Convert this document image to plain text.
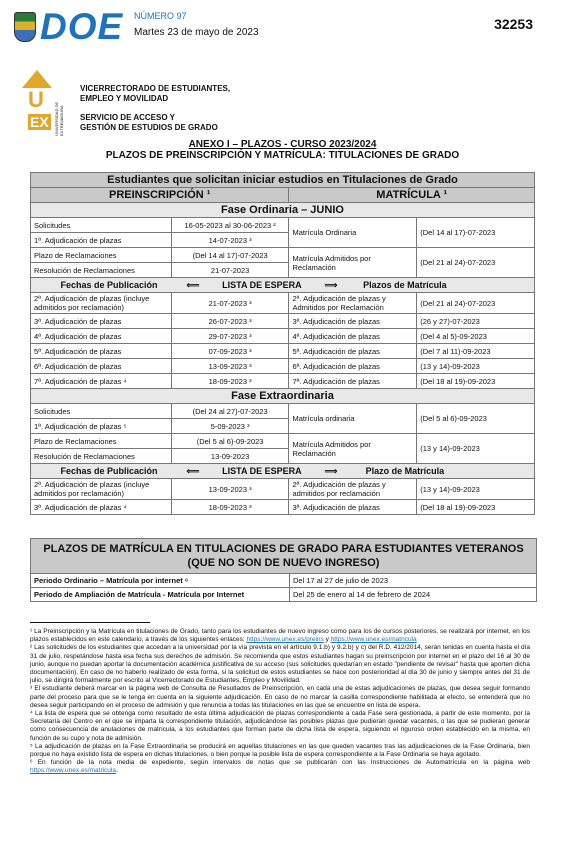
DOE NÚMERO 97
Martes 23 de mayo de 2023
32253
U
EX	UNIVERSIDAD DE EXTREMADURA
VICERRECTORADO DE ESTUDIANTES,
EMPLEO Y MOVILIDAD
SERVICIO DE ACCESO Y
GESTIÓN DE ESTUDIOS DE GRADO
ANEXO I – PLAZOS - CURSO 2023/2024
PLAZOS DE PREINSCRIPCIÓN Y MATRÍCULA: TITULACIONES DE GRADO
Estudiantes que solicitan iniciar estudios en Titulaciones de Grado			
PREINSCRIPCIÓN ¹		MATRÍCULA ¹	
Fase Ordinaria – JUNIO			
Solicitudes	16-05-2023 al 30-06-2023 ²	Matrícula Ordinaria	(Del 14 al 17)-07-2023
1ª. Adjudicación de plazas	14-07-2023 ³		
Plazo de Reclamaciones	(Del 14 al 17)-07-2023	Matrícula Admitidos por Reclamación	(Del 21 al 24)-07-2023
Resolución de Reclamaciones	21-07-2023		
Fechas de Publicación ⟸ LISTA DE ESPERA ⟹ Plazos de Matrícula			
2ª. Adjudicación de plazas (incluye admitidos por reclamación)	21-07-2023 ³	2ª. Adjudicación de plazas y Admitidos por Reclamación	(Del 21 al 24)-07-2023
3ª. Adjudicación de plazas	26-07-2023 ³	3ª. Adjudicación de plazas	(26 y 27)-07-2023
4ª. Adjudicación de plazas	29-07-2023 ³	4ª. Adjudicación de plazas	(Del 4 al 5)-09-2023
5ª. Adjudicación de plazas	07-09-2023 ³	5ª. Adjudicación de plazas	(Del 7 al 11)-09-2023
6ª. Adjudicación de plazas	13-09-2023 ³	6ª. Adjudicación de plazas	(13 y 14)-09-2023
7ª. Adjudicación de plazas ⁴	18-09-2023 ³	7ª. Adjudicación de plazas	(Del 18 al 19)-09-2023
Fase Extraordinaria			
Solicitudes	(Del 24 al 27)-07-2023	Matrícula ordinaria	(Del 5 al 6)-09-2023
1ª. Adjudicación de plazas ⁵	5-09-2023 ³		
Plazo de Reclamaciones	(Del 5 al 6)-09-2023	Matrícula Admitidos por Reclamación	(13 y 14)-09-2023
Resolución de Reclamaciones	13-09-2023		
Fechas de Publicación ⟸ LISTA DE ESPERA ⟹ Plazo de Matrícula			
2ª. Adjudicación de plazas (incluye admitidos por reclamación)	13-09-2023 ³	2ª. Adjudicación de plazas y admitidos por reclamación	(13 y 14)-09-2023
3ª. Adjudicación de plazas ⁴	18-09-2023 ³	3ª. Adjudicación de plazas	(Del 18 al 19)-09-2023
PLAZOS DE MATRÍCULA EN TITULACIONES DE GRADO PARA ESTUDIANTES VETERANOS (QUE NO SON DE NUEVO INGRESO)
Periodo Ordinario – Matrícula por internet ⁶	Del 17 al 27 de julio de 2023
Periodo de Ampliación de Matrícula - Matrícula por Internet	Del 25 de enero al 14 de febrero de 2024

¹ La Preinscripción y la Matrícula en titulaciones de Grado, tanto para los estudiantes de nuevo ingreso como para los de cursos posteriores, se realizará por internet, en los plazos establecidos en este calendario, a través de los siguientes enlaces: https://www.unex.es/preins y https://www.unex.es/matricula

² Las solicitudes de los estudiantes que accedan a la universidad por la vía prevista en el artículo 9.1.b) y 9.2.b) y c) del R.D. 412/2014, serán tenidas en cuenta hasta el día 31 de julio, respetándose hasta esa fecha sus derechos de admisión. Se recomienda que estos estudiantes hagan su preinscripción por internet en el plazo del 16 al 30 de junio, aunque no puedan aportar la documentación académica justificativa de su acceso (sus solicitudes quedarían en estado "pendiente de revisar" hasta que aporten dicha documentación). En caso de no haberlo realizado de esta forma, si la solicitud de estos estudiantes se hace con posterioridad al día 30 de junio y siempre antes del 31 de julio, se dirigirá formalmente por escrito al Vicerrectorado de Estudiantes, Empleo y Movilidad.

³ El estudiante deberá marcar en la página web de Consulta de Resultados de Preinscripción, en cada una de estas adjudicaciones de plazas, que desea seguir formando parte del proceso para que se le tenga en cuenta en la siguiente adjudicación. En caso de no marcar la casilla correspondiente habilitada al efecto, se entenderá que no desea seguir participando en el proceso de admisión y que renuncia a todas las titulaciones en las que se encuentre en lista de espera.

⁴ La lista de espera que se obtenga como resultado de esta última adjudicación de plazas correspondiente a cada Fase será gestionada, a partir de este momento, por la Secretaría del Centro en el que se imparta la correspondiente titulación, adjudicándose las posibles plazas que pudieran quedar vacantes, o las que se pudieran generar como consecuencia de anulaciones de matrícula, a los estudiantes que forman parte de dicha lista de espera, siguiendo el riguroso orden establecido en la misma, en función de su cupo y nota de admisión.

⁵ La adjudicación de plazas en la Fase Extraordinaria se producirá en aquellas titulaciones en las que queden vacantes tras las adjudicaciones de la Fase Ordinaria, bien porque no haya existido lista de espera en dichas titulaciones, o bien porque la posible lista de espera correspondiente a la Fase Ordinaria se haya agotado.

⁶ En función de la nota media de expediente, según intervalos de notas que se publicarán con las Instrucciones de Automatrícula en la página web https://www.unex.es/matricula.
